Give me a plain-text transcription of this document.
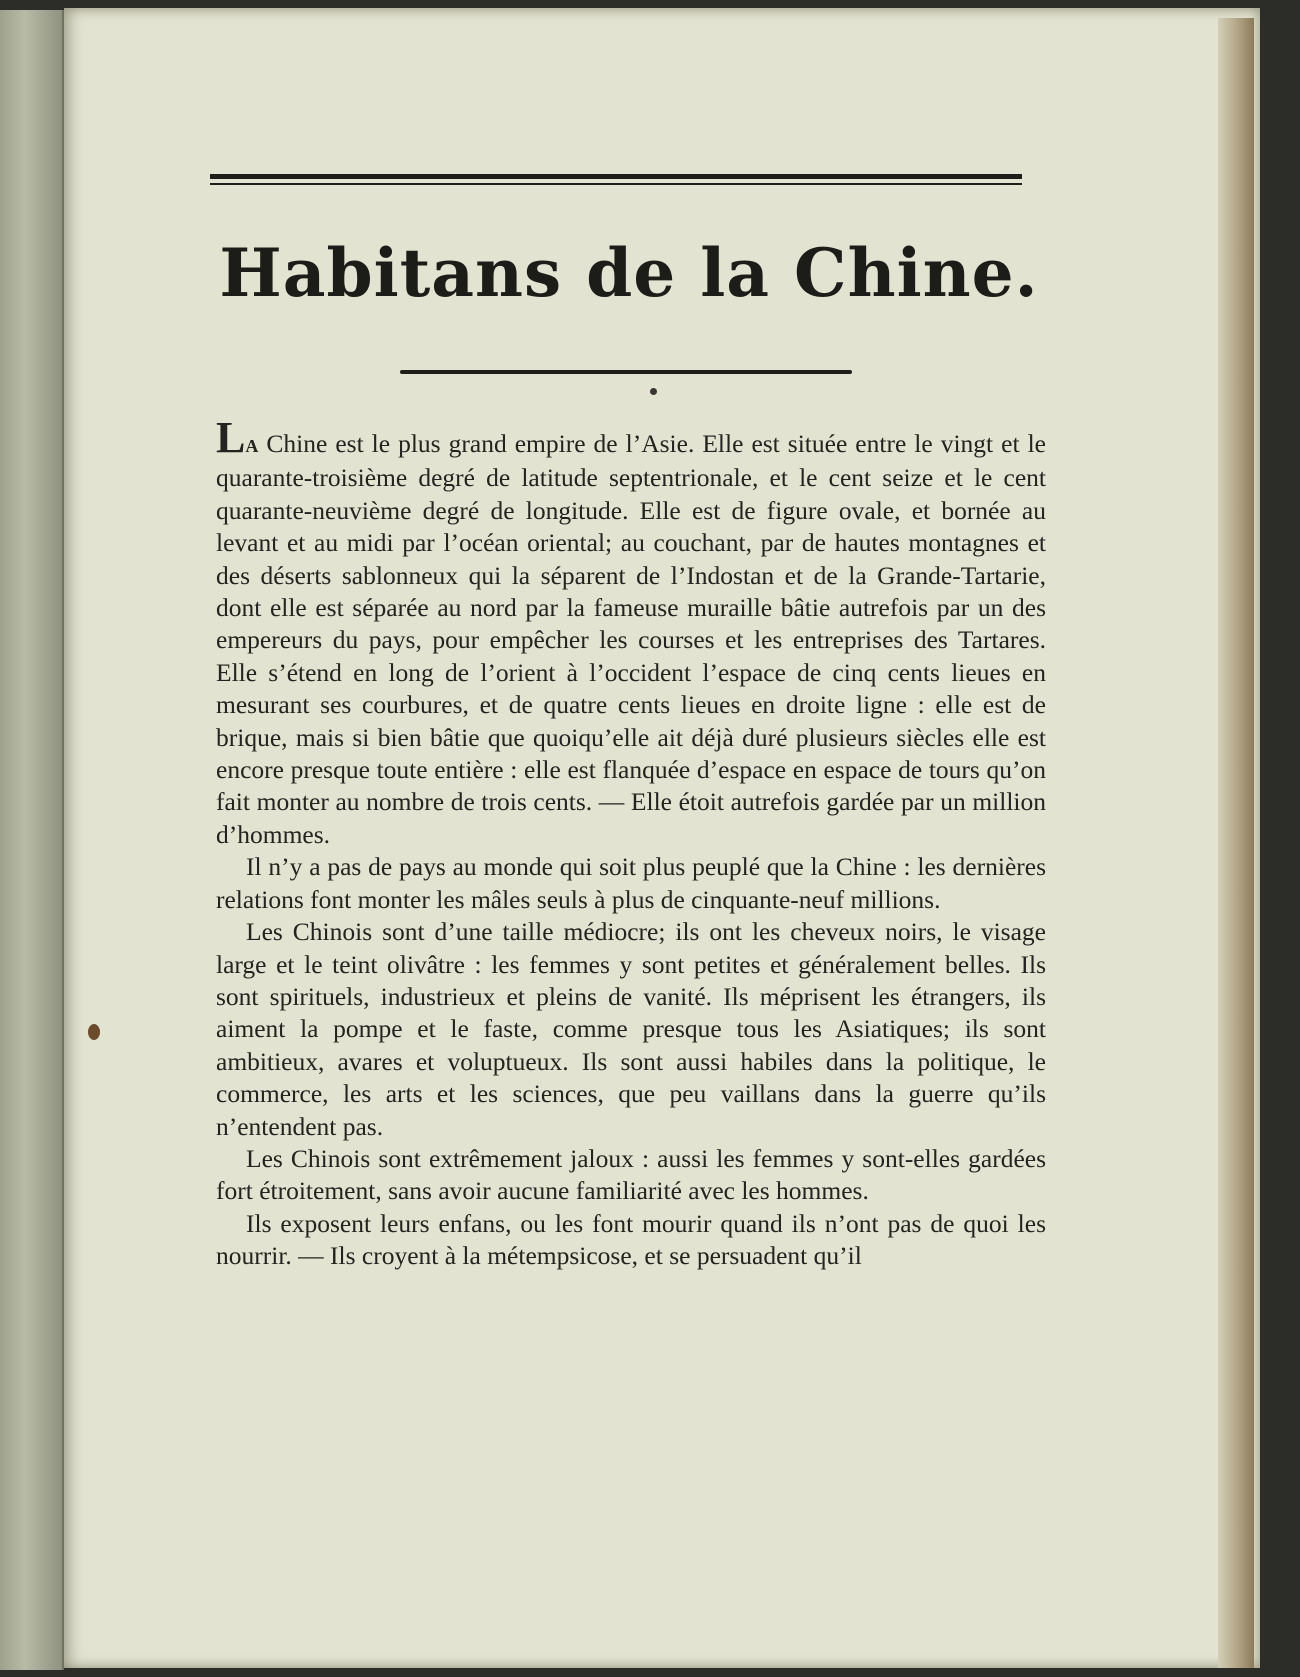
Habitans de la Chine.

LA Chine est le plus grand empire de l’Asie. Elle est située entre le vingt et le quarante-troisième degré de latitude septentrionale, et le cent seize et le cent quarante-neuvième degré de longitude. Elle est de figure ovale, et bornée au levant et au midi par l’océan oriental; au couchant, par de hautes montagnes et des déserts sablonneux qui la séparent de l’Indostan et de la Grande-Tartarie, dont elle est séparée au nord par la fameuse muraille bâtie autrefois par un des empereurs du pays, pour empêcher les courses et les entreprises des Tartares. Elle s’étend en long de l’orient à l’occident l’espace de cinq cents lieues en mesurant ses courbures, et de quatre cents lieues en droite ligne : elle est de brique, mais si bien bâtie que quoiqu’elle ait déjà duré plusieurs siècles elle est encore presque toute entière : elle est flanquée d’espace en espace de tours qu’on fait monter au nombre de trois cents. — Elle étoit autrefois gardée par un million d’hommes.

Il n’y a pas de pays au monde qui soit plus peuplé que la Chine : les dernières relations font monter les mâles seuls à plus de cinquante-neuf millions.

Les Chinois sont d’une taille médiocre; ils ont les cheveux noirs, le visage large et le teint olivâtre : les femmes y sont petites et généralement belles. Ils sont spirituels, industrieux et pleins de vanité. Ils méprisent les étrangers, ils aiment la pompe et le faste, comme presque tous les Asiatiques; ils sont ambitieux, avares et voluptueux. Ils sont aussi habiles dans la politique, le commerce, les arts et les sciences, que peu vaillans dans la guerre qu’ils n’entendent pas.

Les Chinois sont extrêmement jaloux : aussi les femmes y sont-elles gardées fort étroitement, sans avoir aucune familiarité avec les hommes.

Ils exposent leurs enfans, ou les font mourir quand ils n’ont pas de quoi les nourrir. — Ils croyent à la métempsicose, et se persuadent qu’il
